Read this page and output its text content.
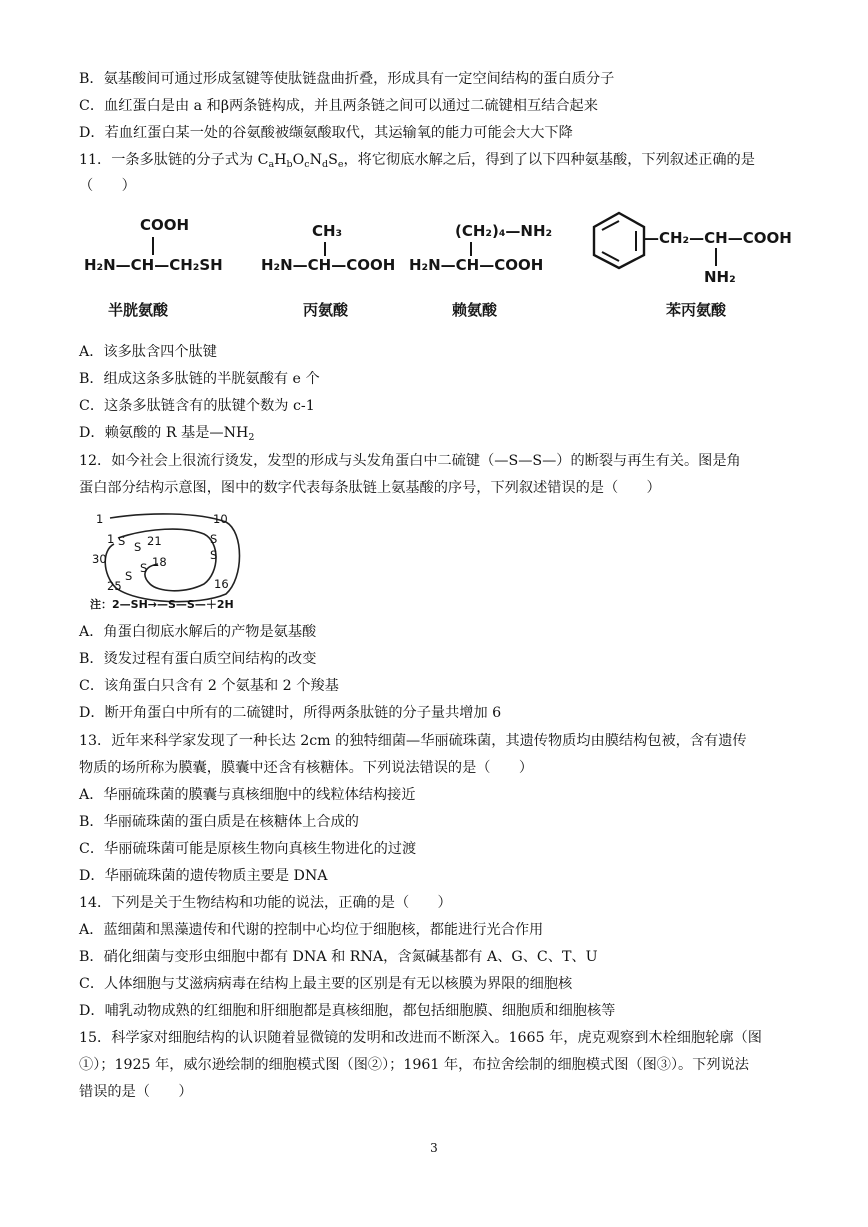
B．氨基酸间可通过形成氢键等使肽链盘曲折叠，形成具有一定空间结构的蛋白质分子
C．血红蛋白是由 a 和β两条链构成，并且两条链之间可以通过二硫键相互结合起来
D．若血红蛋白某一处的谷氨酸被缬氨酸取代，其运输氧的能力可能会大大下降
11．一条多肽链的分子式为 $C_aH_bO_cN_dS_e$，将它彻底水解之后，得到了以下四种氨基酸，下列叙述正确的是
（　　）
COOH
H₂N—CH—CH₂SH
半胱氨酸
CH₃
H₂N—CH—COOH
丙氨酸
(CH₂)₄—NH₂
H₂N—CH—COOH
赖氨酸
—CH₂—CH—COOH
NH₂
苯丙氨酸
A．该多肽含四个肽键
B．组成这条多肽链的半胱氨酸有 e 个
C．这条多肽链含有的肽键个数为 c-1
D．赖氨酸的 R 基是$—NH_2$
12．如今社会上很流行烫发，发型的形成与头发角蛋白中二硫键（—S—S—）的断裂与再生有关。图是角
蛋白部分结构示意图，图中的数字代表每条肽链上氨基酸的序号，下列叙述错误的是（　　）
1	10
1 S S 21	S
S
30	18
S
S
25	16
注：2—SH→—S—S—＋2H
A．角蛋白彻底水解后的产物是氨基酸
B．烫发过程有蛋白质空间结构的改变
C．该角蛋白只含有 2 个氨基和 2 个羧基
D．断开角蛋白中所有的二硫键时，所得两条肽链的分子量共增加 6
13．近年来科学家发现了一种长达 2cm 的独特细菌—华丽硫珠菌，其遗传物质均由膜结构包被，含有遗传
物质的场所称为膜囊，膜囊中还含有核糖体。下列说法错误的是（　　）
A．华丽硫珠菌的膜囊与真核细胞中的线粒体结构接近
B．华丽硫珠菌的蛋白质是在核糖体上合成的
C．华丽硫珠菌可能是原核生物向真核生物进化的过渡
D．华丽硫珠菌的遗传物质主要是 DNA
14．下列是关于生物结构和功能的说法，正确的是（　　）
A．蓝细菌和黑藻遗传和代谢的控制中心均位于细胞核，都能进行光合作用
B．硝化细菌与变形虫细胞中都有 DNA 和 RNA，含氮碱基都有 A、G、C、T、U
C．人体细胞与艾滋病病毒在结构上最主要的区别是有无以核膜为界限的细胞核
D．哺乳动物成熟的红细胞和肝细胞都是真核细胞，都包括细胞膜、细胞质和细胞核等
15．科学家对细胞结构的认识随着显微镜的发明和改进而不断深入。1665 年，虎克观察到木栓细胞轮廓（图
①）；1925 年，威尔逊绘制的细胞模式图（图②）；1961 年，布拉舍绘制的细胞模式图（图③）。下列说法
错误的是（　　）
3
